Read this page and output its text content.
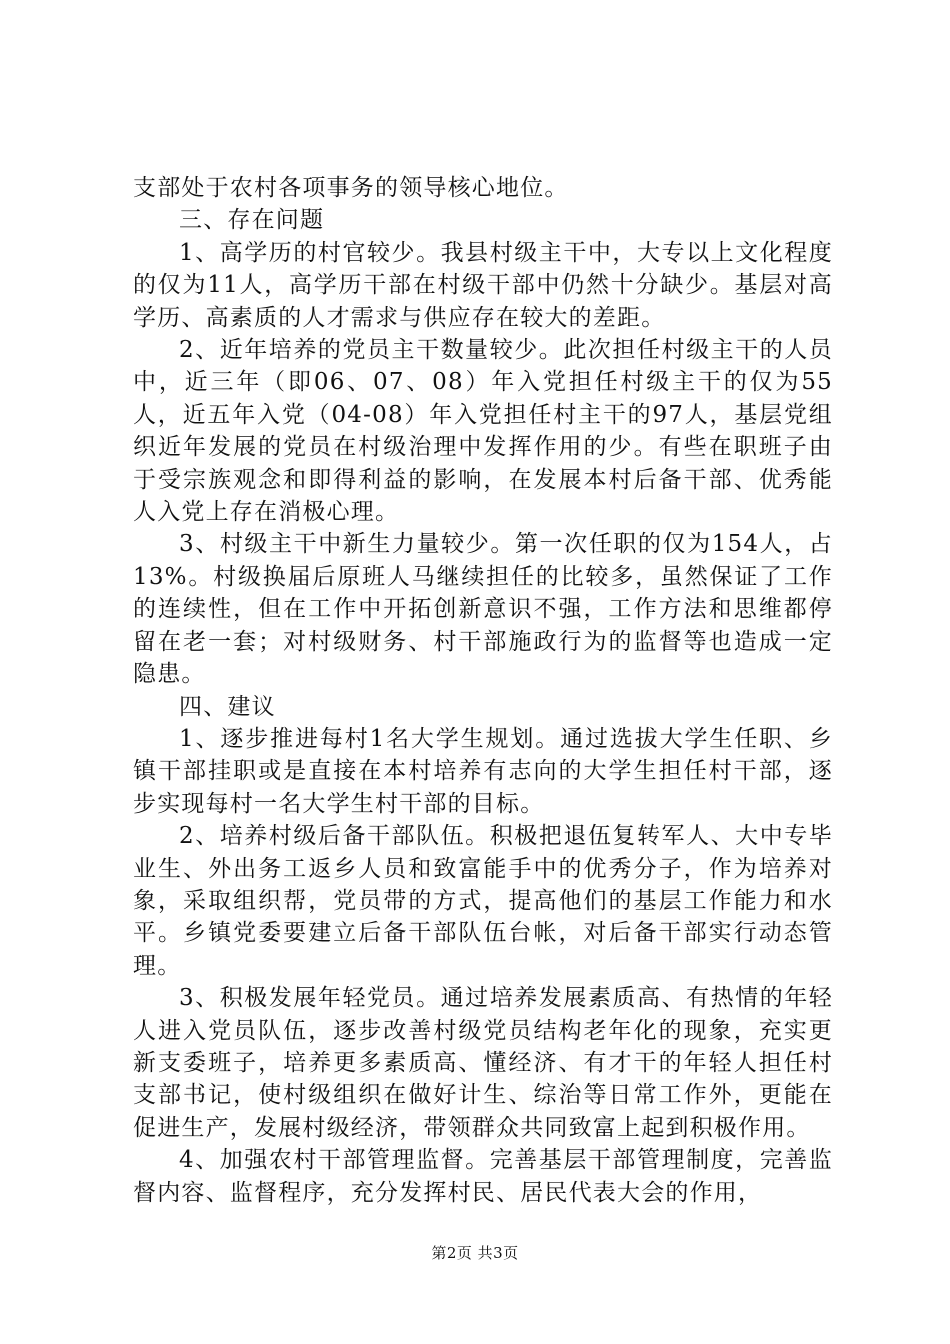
支部处于农村各项事务的领导核心地位。

三、存在问题

1、高学历的村官较少。我县村级主干中，大专以上文化程度的仅为11人，高学历干部在村级干部中仍然十分缺少。基层对高学历、高素质的人才需求与供应存在较大的差距。

2、近年培养的党员主干数量较少。此次担任村级主干的人员中，近三年（即06、07、08）年入党担任村级主干的仅为55人，近五年入党（04-08）年入党担任村主干的97人，基层党组织近年发展的党员在村级治理中发挥作用的少。有些在职班子由于受宗族观念和即得利益的影响，在发展本村后备干部、优秀能人入党上存在消极心理。

3、村级主干中新生力量较少。第一次任职的仅为154人，占13%。村级换届后原班人马继续担任的比较多，虽然保证了工作的连续性，但在工作中开拓创新意识不强，工作方法和思维都停留在老一套；对村级财务、村干部施政行为的监督等也造成一定隐患。

四、建议

1、逐步推进每村1名大学生规划。通过选拔大学生任职、乡镇干部挂职或是直接在本村培养有志向的大学生担任村干部，逐步实现每村一名大学生村干部的目标。

2、培养村级后备干部队伍。积极把退伍复转军人、大中专毕业生、外出务工返乡人员和致富能手中的优秀分子，作为培养对象，采取组织帮，党员带的方式，提高他们的基层工作能力和水平。乡镇党委要建立后备干部队伍台帐，对后备干部实行动态管理。

3、积极发展年轻党员。通过培养发展素质高、有热情的年轻人进入党员队伍，逐步改善村级党员结构老年化的现象，充实更新支委班子，培养更多素质高、懂经济、有才干的年轻人担任村支部书记，使村级组织在做好计生、综治等日常工作外，更能在促进生产，发展村级经济，带领群众共同致富上起到积极作用。

4、加强农村干部管理监督。完善基层干部管理制度，完善监督内容、监督程序，充分发挥村民、居民代表大会的作用，

第2页 共3页
